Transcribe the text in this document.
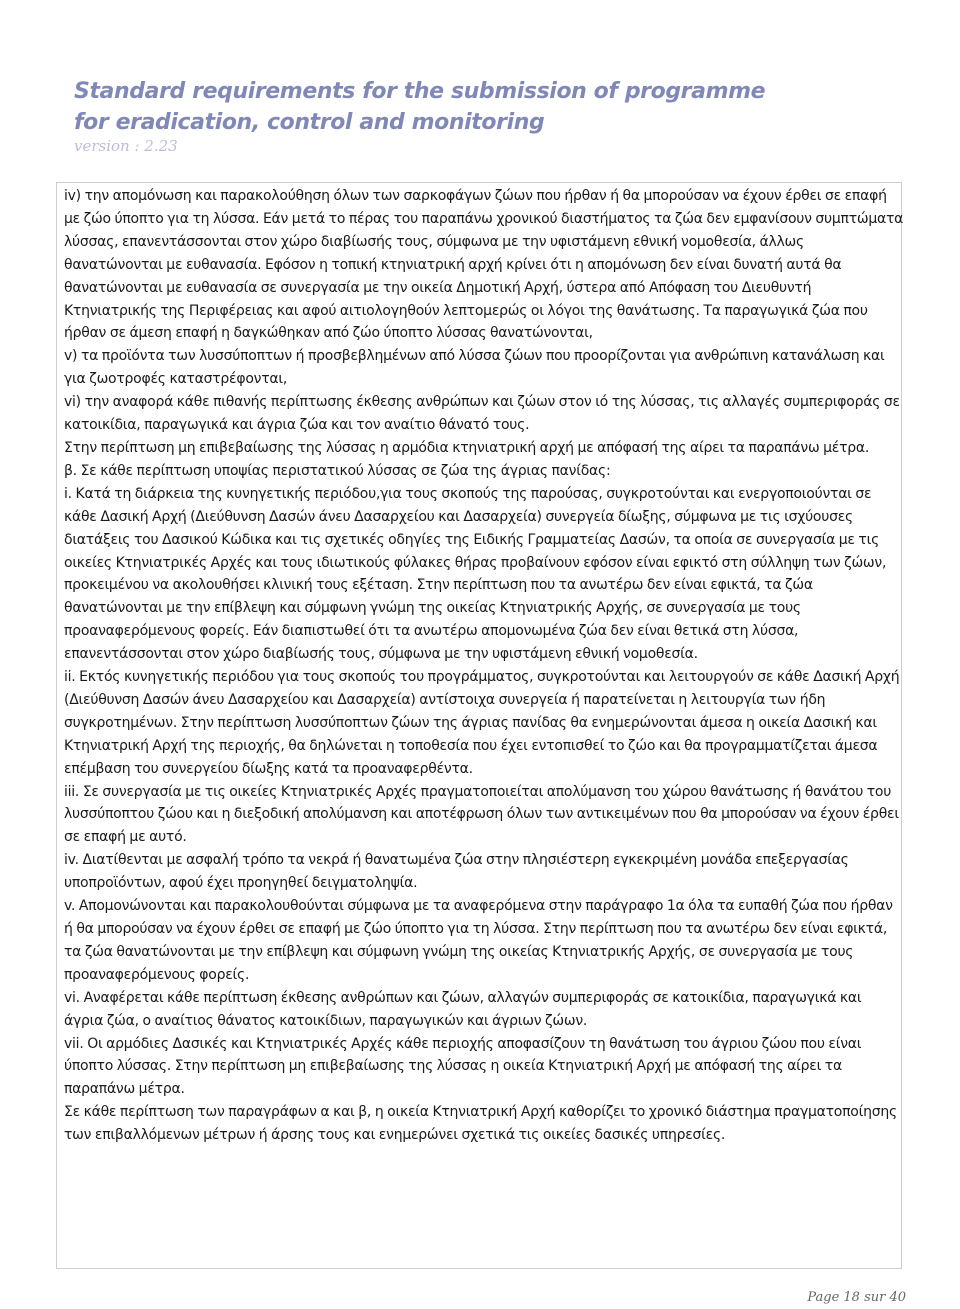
Standard requirements for the submission of programme

for eradication, control and monitoring

version : 2.23

iv) την απομόνωση και παρακολούθηση όλων των σαρκοφάγων ζώων που ήρθαν ή θα μπορούσαν να έχουν έρθει σε επαφή με ζώο ύποπτο για τη λύσσα. Εάν μετά το πέρας του παραπάνω χρονικού διαστήματος τα ζώα δεν εμφανίσουν συμπτώματα λύσσας, επανεντάσσονται στον χώρο διαβίωσής τους, σύμφωνα με την υφιστάμενη εθνική νομοθεσία, άλλως θανατώνονται με ευθανασία. Εφόσον η τοπική κτηνιατρική αρχή κρίνει ότι η απομόνωση δεν είναι δυνατή αυτά θα θανατώνονται με ευθανασία σε συνεργασία με την οικεία Δημοτική Αρχή, ύστερα από Απόφαση του Διευθυντή Κτηνιατρικής της Περιφέρειας και αφού αιτιολογηθούν λεπτομερώς οι λόγοι της θανάτωσης. Τα παραγωγικά ζώα που ήρθαν σε άμεση επαφή η δαγκώθηκαν από ζώο ύποπτο λύσσας θανατώνονται,

v) τα προϊόντα των λυσσύποπτων ή προσβεβλημένων από λύσσα ζώων που προορίζονται για ανθρώπινη κατανάλωση και για ζωοτροφές καταστρέφονται,

vi) την αναφορά κάθε πιθανής περίπτωσης έκθεσης ανθρώπων και ζώων στον ιό της λύσσας, τις αλλαγές συμπεριφοράς σε κατοικίδια, παραγωγικά και άγρια ζώα και τον αναίτιο θάνατό τους.

Στην περίπτωση μη επιβεβαίωσης της λύσσας η αρμόδια κτηνιατρική αρχή με απόφασή της αίρει τα παραπάνω μέτρα.

β. Σε κάθε περίπτωση υποψίας περιστατικού λύσσας σε ζώα της άγριας πανίδας:

i. Κατά τη διάρκεια της κυνηγετικής περιόδου,για τους σκοπούς της παρούσας, συγκροτούνται και ενεργοποιούνται σε κάθε Δασική Αρχή (Διεύθυνση Δασών άνευ Δασαρχείου και Δασαρχεία) συνεργεία δίωξης, σύμφωνα με τις ισχύουσες διατάξεις του Δασικού Κώδικα και τις σχετικές οδηγίες της Ειδικής Γραμματείας Δασών, τα οποία σε συνεργασία με τις οικείες Κτηνιατρικές Αρχές και τους ιδιωτικούς φύλακες θήρας προβαίνουν εφόσον είναι εφικτό στη σύλληψη των ζώων, προκειμένου να ακολουθήσει κλινική τους εξέταση. Στην περίπτωση που τα ανωτέρω δεν είναι εφικτά, τα ζώα θανατώνονται με την επίβλεψη και σύμφωνη γνώμη της οικείας Κτηνιατρικής Αρχής, σε συνεργασία με τους προαναφερόμενους φορείς. Εάν διαπιστωθεί ότι τα ανωτέρω απομονωμένα ζώα δεν είναι θετικά στη λύσσα, επανεντάσσονται στον χώρο διαβίωσής τους, σύμφωνα με την υφιστάμενη εθνική νομοθεσία.

ii. Εκτός κυνηγετικής περιόδου για τους σκοπούς του προγράμματος, συγκροτούνται και λειτουργούν σε κάθε Δασική Αρχή (Διεύθυνση Δασών άνευ Δασαρχείου και Δασαρχεία) αντίστοιχα συνεργεία ή παρατείνεται η λειτουργία των ήδη συγκροτημένων. Στην περίπτωση λυσσύποπτων ζώων της άγριας πανίδας θα ενημερώνονται άμεσα η οικεία Δασική και Κτηνιατρική Αρχή της περιοχής, θα δηλώνεται η τοποθεσία που έχει εντοπισθεί το ζώο και θα προγραμματίζεται άμεσα επέμβαση του συνεργείου δίωξης κατά τα προαναφερθέντα.

iii. Σε συνεργασία με τις οικείες Κτηνιατρικές Αρχές πραγματοποιείται απολύμανση του χώρου θανάτωσης ή θανάτου του λυσσύποπτου ζώου και η διεξοδική απολύμανση και αποτέφρωση όλων των αντικειμένων που θα μπορούσαν να έχουν έρθει σε επαφή με αυτό.

iv. Διατίθενται με ασφαλή τρόπο τα νεκρά ή θανατωμένα ζώα στην πλησιέστερη εγκεκριμένη μονάδα επεξεργασίας υποπροϊόντων, αφού έχει προηγηθεί δειγματοληψία.

v. Απομονώνονται και παρακολουθούνται σύμφωνα με τα αναφερόμενα στην παράγραφο 1α όλα τα ευπαθή ζώα που ήρθαν ή θα μπορούσαν να έχουν έρθει σε επαφή με ζώο ύποπτο για τη λύσσα. Στην περίπτωση που τα ανωτέρω δεν είναι εφικτά, τα ζώα θανατώνονται με την επίβλεψη και σύμφωνη γνώμη της οικείας Κτηνιατρικής Αρχής, σε συνεργασία με τους προαναφερόμενους φορείς.

vi. Αναφέρεται κάθε περίπτωση έκθεσης ανθρώπων και ζώων, αλλαγών συμπεριφοράς σε κατοικίδια, παραγωγικά και άγρια ζώα, ο αναίτιος θάνατος κατοικίδιων, παραγωγικών και άγριων ζώων.

vii. Οι αρμόδιες Δασικές και Κτηνιατρικές Αρχές κάθε περιοχής αποφασίζουν τη θανάτωση του άγριου ζώου που είναι ύποπτο λύσσας. Στην περίπτωση μη επιβεβαίωσης της λύσσας η οικεία Κτηνιατρική Αρχή με απόφασή της αίρει τα παραπάνω μέτρα.

Σε κάθε περίπτωση των παραγράφων α και β, η οικεία Κτηνιατρική Αρχή καθορίζει το χρονικό διάστημα πραγματοποίησης των επιβαλλόμενων μέτρων ή άρσης τους και ενημερώνει σχετικά τις οικείες δασικές υπηρεσίες.

Page 18 sur 40
